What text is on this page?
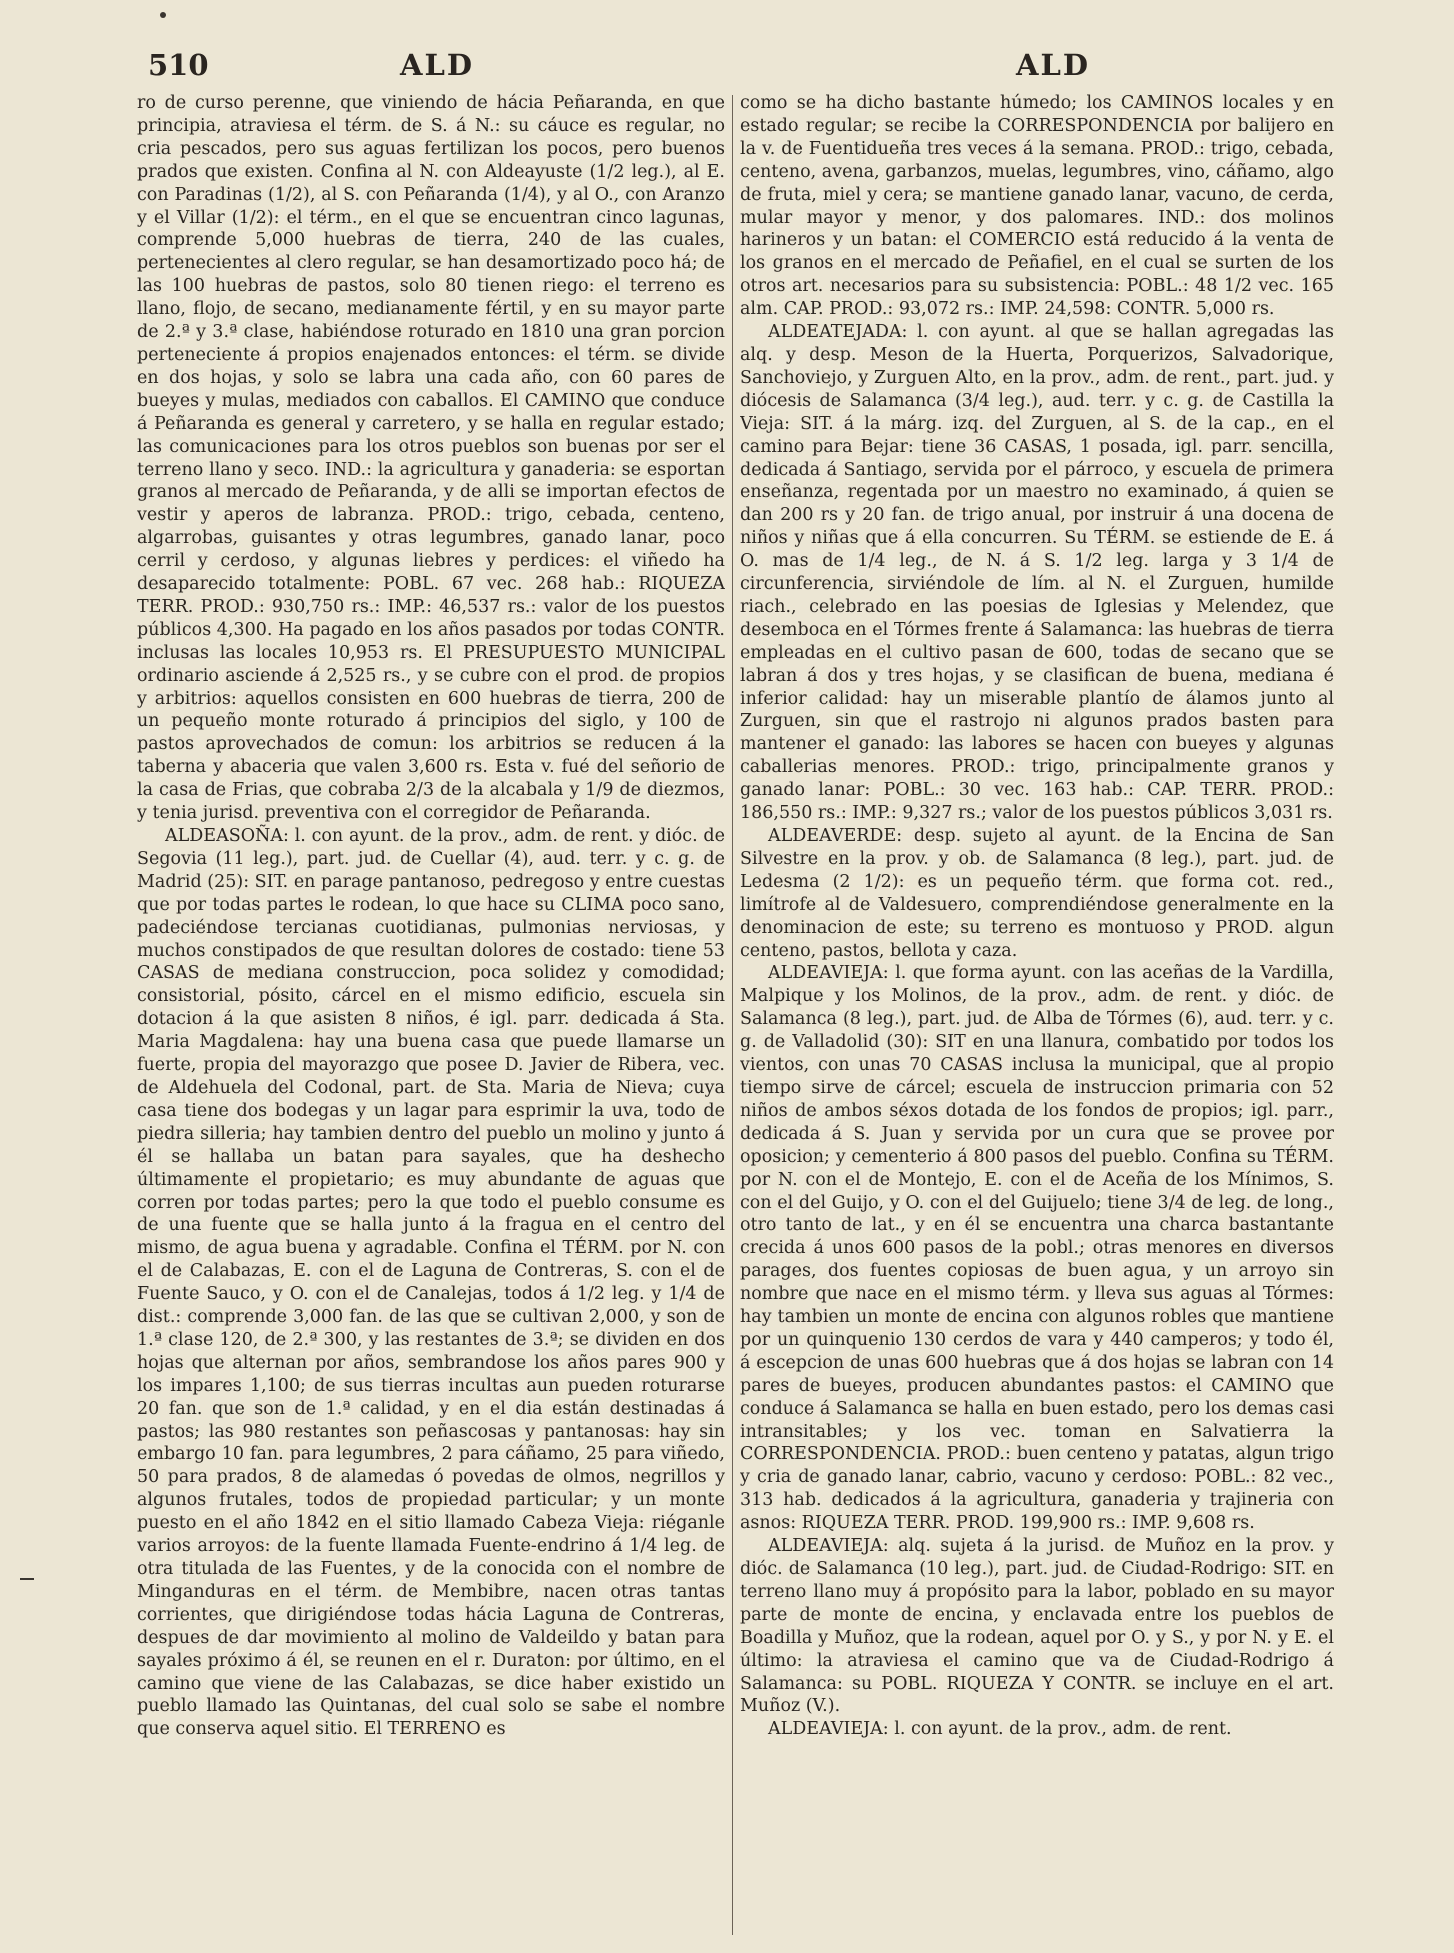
510	ALD	ALD

ro de curso perenne, que viniendo de hácia Peñaranda, en que principia, atraviesa el térm. de S. á N.: su cáuce es regular, no cria pescados, pero sus aguas fertilizan los pocos, pero buenos prados que existen. Confina al N. con Aldeayuste (1/2 leg.), al E. con Paradinas (1/2), al S. con Peñaranda (1/4), y al O., con Aranzo y el Villar (1/2): el térm., en el que se encuentran cinco lagunas, comprende 5,000 huebras de tierra, 240 de las cuales, pertenecientes al clero regular, se han desamortizado poco há; de las 100 huebras de pastos, solo 80 tienen riego: el terreno es llano, flojo, de secano, medianamente fértil, y en su mayor parte de 2.ª y 3.ª clase, habiéndose roturado en 1810 una gran porcion perteneciente á propios enajenados entonces: el térm. se divide en dos hojas, y solo se labra una cada año, con 60 pares de bueyes y mulas, mediados con caballos. El CAMINO que conduce á Peñaranda es general y carretero, y se halla en regular estado; las comunicaciones para los otros pueblos son buenas por ser el terreno llano y seco. IND.: la agricultura y ganaderia: se esportan granos al mercado de Peñaranda, y de alli se importan efectos de vestir y aperos de labranza. PROD.: trigo, cebada, centeno, algarrobas, guisantes y otras legumbres, ganado lanar, poco cerril y cerdoso, y algunas liebres y perdices: el viñedo ha desaparecido totalmente: POBL. 67 vec. 268 hab.: RIQUEZA TERR. PROD.: 930,750 rs.: IMP.: 46,537 rs.: valor de los puestos públicos 4,300. Ha pagado en los años pasados por todas CONTR. inclusas las locales 10,953 rs. El PRESUPUESTO MUNICIPAL ordinario asciende á 2,525 rs., y se cubre con el prod. de propios y arbitrios: aquellos consisten en 600 huebras de tierra, 200 de un pequeño monte roturado á principios del siglo, y 100 de pastos aprovechados de comun: los arbitrios se reducen á la taberna y abaceria que valen 3,600 rs. Esta v. fué del señorio de la casa de Frias, que cobraba 2/3 de la alcabala y 1/9 de diezmos, y tenia jurisd. preventiva con el corregidor de Peñaranda.

ALDEASOÑA: l. con ayunt. de la prov., adm. de rent. y dióc. de Segovia (11 leg.), part. jud. de Cuellar (4), aud. terr. y c. g. de Madrid (25): SIT. en parage pantanoso, pedregoso y entre cuestas que por todas partes le rodean, lo que hace su CLIMA poco sano, padeciéndose tercianas cuotidianas, pulmonias nerviosas, y muchos constipados de que resultan dolores de costado: tiene 53 CASAS de mediana construccion, poca solidez y comodidad; consistorial, pósito, cárcel en el mismo edificio, escuela sin dotacion á la que asisten 8 niños, é igl. parr. dedicada á Sta. Maria Magdalena: hay una buena casa que puede llamarse un fuerte, propia del mayorazgo que posee D. Javier de Ribera, vec. de Aldehuela del Codonal, part. de Sta. Maria de Nieva; cuya casa tiene dos bodegas y un lagar para esprimir la uva, todo de piedra silleria; hay tambien dentro del pueblo un molino y junto á él se hallaba un batan para sayales, que ha deshecho últimamente el propietario; es muy abundante de aguas que corren por todas partes; pero la que todo el pueblo consume es de una fuente que se halla junto á la fragua en el centro del mismo, de agua buena y agradable. Confina el TÉRM. por N. con el de Calabazas, E. con el de Laguna de Contreras, S. con el de Fuente Sauco, y O. con el de Canalejas, todos á 1/2 leg. y 1/4 de dist.: comprende 3,000 fan. de las que se cultivan 2,000, y son de 1.ª clase 120, de 2.ª 300, y las restantes de 3.ª; se dividen en dos hojas que alternan por años, sembrandose los años pares 900 y los impares 1,100; de sus tierras incultas aun pueden roturarse 20 fan. que son de 1.ª calidad, y en el dia están destinadas á pastos; las 980 restantes son peñascosas y pantanosas: hay sin embargo 10 fan. para legumbres, 2 para cáñamo, 25 para viñedo, 50 para prados, 8 de alamedas ó povedas de olmos, negrillos y algunos frutales, todos de propiedad particular; y un monte puesto en el año 1842 en el sitio llamado Cabeza Vieja: riéganle varios arroyos: de la fuente llamada Fuente-endrino á 1/4 leg. de otra titulada de las Fuentes, y de la conocida con el nombre de Minganduras en el térm. de Membibre, nacen otras tantas corrientes, que dirigiéndose todas hácia Laguna de Contreras, despues de dar movimiento al molino de Valdeildo y batan para sayales próximo á él, se reunen en el r. Duraton: por último, en el camino que viene de las Calabazas, se dice haber existido un pueblo llamado las Quintanas, del cual solo se sabe el nombre que conserva aquel sitio. El TERRENO es

como se ha dicho bastante húmedo; los CAMINOS locales y en estado regular; se recibe la CORRESPONDENCIA por balijero en la v. de Fuentidueña tres veces á la semana. PROD.: trigo, cebada, centeno, avena, garbanzos, muelas, legumbres, vino, cáñamo, algo de fruta, miel y cera; se mantiene ganado lanar, vacuno, de cerda, mular mayor y menor, y dos palomares. IND.: dos molinos harineros y un batan: el COMERCIO está reducido á la venta de los granos en el mercado de Peñafiel, en el cual se surten de los otros art. necesarios para su subsistencia: POBL.: 48 1/2 vec. 165 alm. CAP. PROD.: 93,072 rs.: IMP. 24,598: CONTR. 5,000 rs.

ALDEATEJADA: l. con ayunt. al que se hallan agregadas las alq. y desp. Meson de la Huerta, Porquerizos, Salvadorique, Sanchoviejo, y Zurguen Alto, en la prov., adm. de rent., part. jud. y diócesis de Salamanca (3/4 leg.), aud. terr. y c. g. de Castilla la Vieja: SIT. á la márg. izq. del Zurguen, al S. de la cap., en el camino para Bejar: tiene 36 CASAS, 1 posada, igl. parr. sencilla, dedicada á Santiago, servida por el párroco, y escuela de primera enseñanza, regentada por un maestro no examinado, á quien se dan 200 rs y 20 fan. de trigo anual, por instruir á una docena de niños y niñas que á ella concurren. Su TÉRM. se estiende de E. á O. mas de 1/4 leg., de N. á S. 1/2 leg. larga y 3 1/4 de circunferencia, sirviéndole de lím. al N. el Zurguen, humilde riach., celebrado en las poesias de Iglesias y Melendez, que desemboca en el Tórmes frente á Salamanca: las huebras de tierra empleadas en el cultivo pasan de 600, todas de secano que se labran á dos y tres hojas, y se clasifican de buena, mediana é inferior calidad: hay un miserable plantío de álamos junto al Zurguen, sin que el rastrojo ni algunos prados basten para mantener el ganado: las labores se hacen con bueyes y algunas caballerias menores. PROD.: trigo, principalmente granos y ganado lanar: POBL.: 30 vec. 163 hab.: CAP. TERR. PROD.: 186,550 rs.: IMP.: 9,327 rs.; valor de los puestos públicos 3,031 rs.

ALDEAVERDE: desp. sujeto al ayunt. de la Encina de San Silvestre en la prov. y ob. de Salamanca (8 leg.), part. jud. de Ledesma (2 1/2): es un pequeño térm. que forma cot. red., limítrofe al de Valdesuero, comprendiéndose generalmente en la denominacion de este; su terreno es montuoso y PROD. algun centeno, pastos, bellota y caza.

ALDEAVIEJA: l. que forma ayunt. con las aceñas de la Vardilla, Malpique y los Molinos, de la prov., adm. de rent. y dióc. de Salamanca (8 leg.), part. jud. de Alba de Tórmes (6), aud. terr. y c. g. de Valladolid (30): SIT en una llanura, combatido por todos los vientos, con unas 70 CASAS inclusa la municipal, que al propio tiempo sirve de cárcel; escuela de instruccion primaria con 52 niños de ambos séxos dotada de los fondos de propios; igl. parr., dedicada á S. Juan y servida por un cura que se provee por oposicion; y cementerio á 800 pasos del pueblo. Confina su TÉRM. por N. con el de Montejo, E. con el de Aceña de los Mínimos, S. con el del Guijo, y O. con el del Guijuelo; tiene 3/4 de leg. de long., otro tanto de lat., y en él se encuentra una charca bastantante crecida á unos 600 pasos de la pobl.; otras menores en diversos parages, dos fuentes copiosas de buen agua, y un arroyo sin nombre que nace en el mismo térm. y lleva sus aguas al Tórmes: hay tambien un monte de encina con algunos robles que mantiene por un quinquenio 130 cerdos de vara y 440 camperos; y todo él, á escepcion de unas 600 huebras que á dos hojas se labran con 14 pares de bueyes, producen abundantes pastos: el CAMINO que conduce á Salamanca se halla en buen estado, pero los demas casi intransitables; y los vec. toman en Salvatierra la CORRESPONDENCIA. PROD.: buen centeno y patatas, algun trigo y cria de ganado lanar, cabrio, vacuno y cerdoso: POBL.: 82 vec., 313 hab. dedicados á la agricultura, ganaderia y trajineria con asnos: RIQUEZA TERR. PROD. 199,900 rs.: IMP. 9,608 rs.

ALDEAVIEJA: alq. sujeta á la jurisd. de Muñoz en la prov. y dióc. de Salamanca (10 leg.), part. jud. de Ciudad-Rodrigo: SIT. en terreno llano muy á propósito para la labor, poblado en su mayor parte de monte de encina, y enclavada entre los pueblos de Boadilla y Muñoz, que la rodean, aquel por O. y S., y por N. y E. el último: la atraviesa el camino que va de Ciudad-Rodrigo á Salamanca: su POBL. RIQUEZA Y CONTR. se incluye en el art. Muñoz (V.).

ALDEAVIEJA: l. con ayunt. de la prov., adm. de rent.
